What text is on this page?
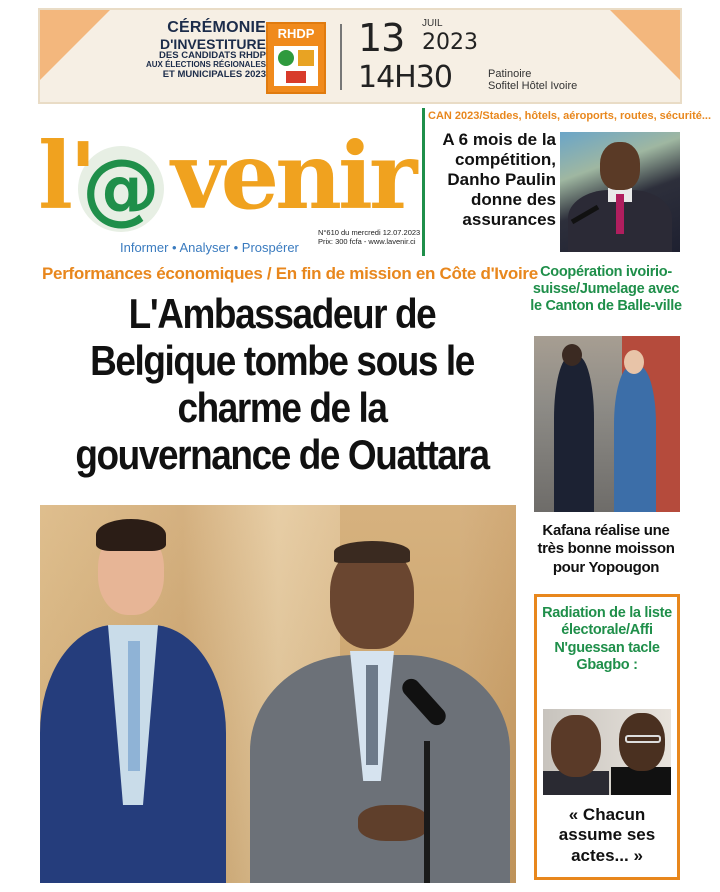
CÉRÉMONIE
D'INVESTITURE
DES CANDIDATS RHDP
AUX ÉLECTIONS RÉGIONALES
ET MUNICIPALES 2023
RHDP 13 JUIL
2023
14H30	Patinoire
Sofitel Hôtel Ivoire
l' venir
@
Informer • Analyser • Prospérer
N°610 du mercredi 12.07.2023
Prix: 300 fcfa - www.lavenir.ci
CAN 2023/Stades, hôtels, aéroports, routes, sécurité...
A 6 mois de la compétition, Danho Paulin donne des assurances
Performances économiques / En fin de mission en Côte d'Ivoire
L'Ambassadeur de Belgique tombe sous le charme de la gouvernance de Ouattara
Coopération ivoirio-suisse/Jumelage avec le Canton de Balle-ville
Kafana réalise une très bonne moisson pour Yopougon
Radiation de la liste électorale/Affi N'guessan tacle Gbagbo :
« Chacun assume ses actes... »
